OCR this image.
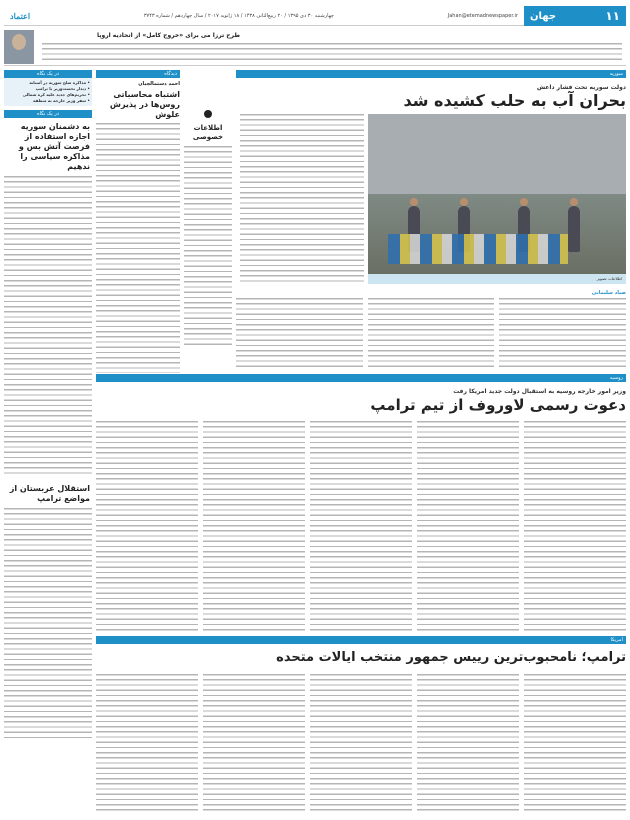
۱۱
جهان
Jahan@etemadnewspaper.ir
چهارشنبه ۳۰ دی ۱۳۹۵ / ۲۰ ربیع‌الثانی ۱۴۳۸ / ۱۸ ژانویه ۲۰۱۷ / سال چهاردهم / شماره ۳۷۴۳
اعتماد
طرح ترزا می برای «خروج کامل» از اتحادیه اروپا
در یک نگاه
• مذاکره صلح سوریه در آستانه
• دیدار نخست‌وزیر با ترامپ
• تحریم‌های جدید علیه کره شمالی
• سفر وزیر خارجه به منطقه
در یک نگاه
به دشمنان سوریه اجازه استفاده از فرصت آتش بس و مذاکره سیاسی را ندهیم
استقلال عربستان از مواضع ترامپ
دیدگاه
احمد دستمالچیان
اشتباه محاسباتی روس‌ها در پذیرش علوش
اطلاعات خصوصی
سوریه
دولت سوریه تحت فشار داعش
بحران آب به حلب کشیده شد
اطلاعات تصویر
صیاد سلیمانی
روسیه
وزیر امور خارجه روسیه به استقبال دولت جدید امریکا رفت
دعوت رسمی لاوروف از تیم ترامپ
امریکا
ترامپ؛ نامحبوب‌ترین رییس جمهور منتخب ایالات متحده
